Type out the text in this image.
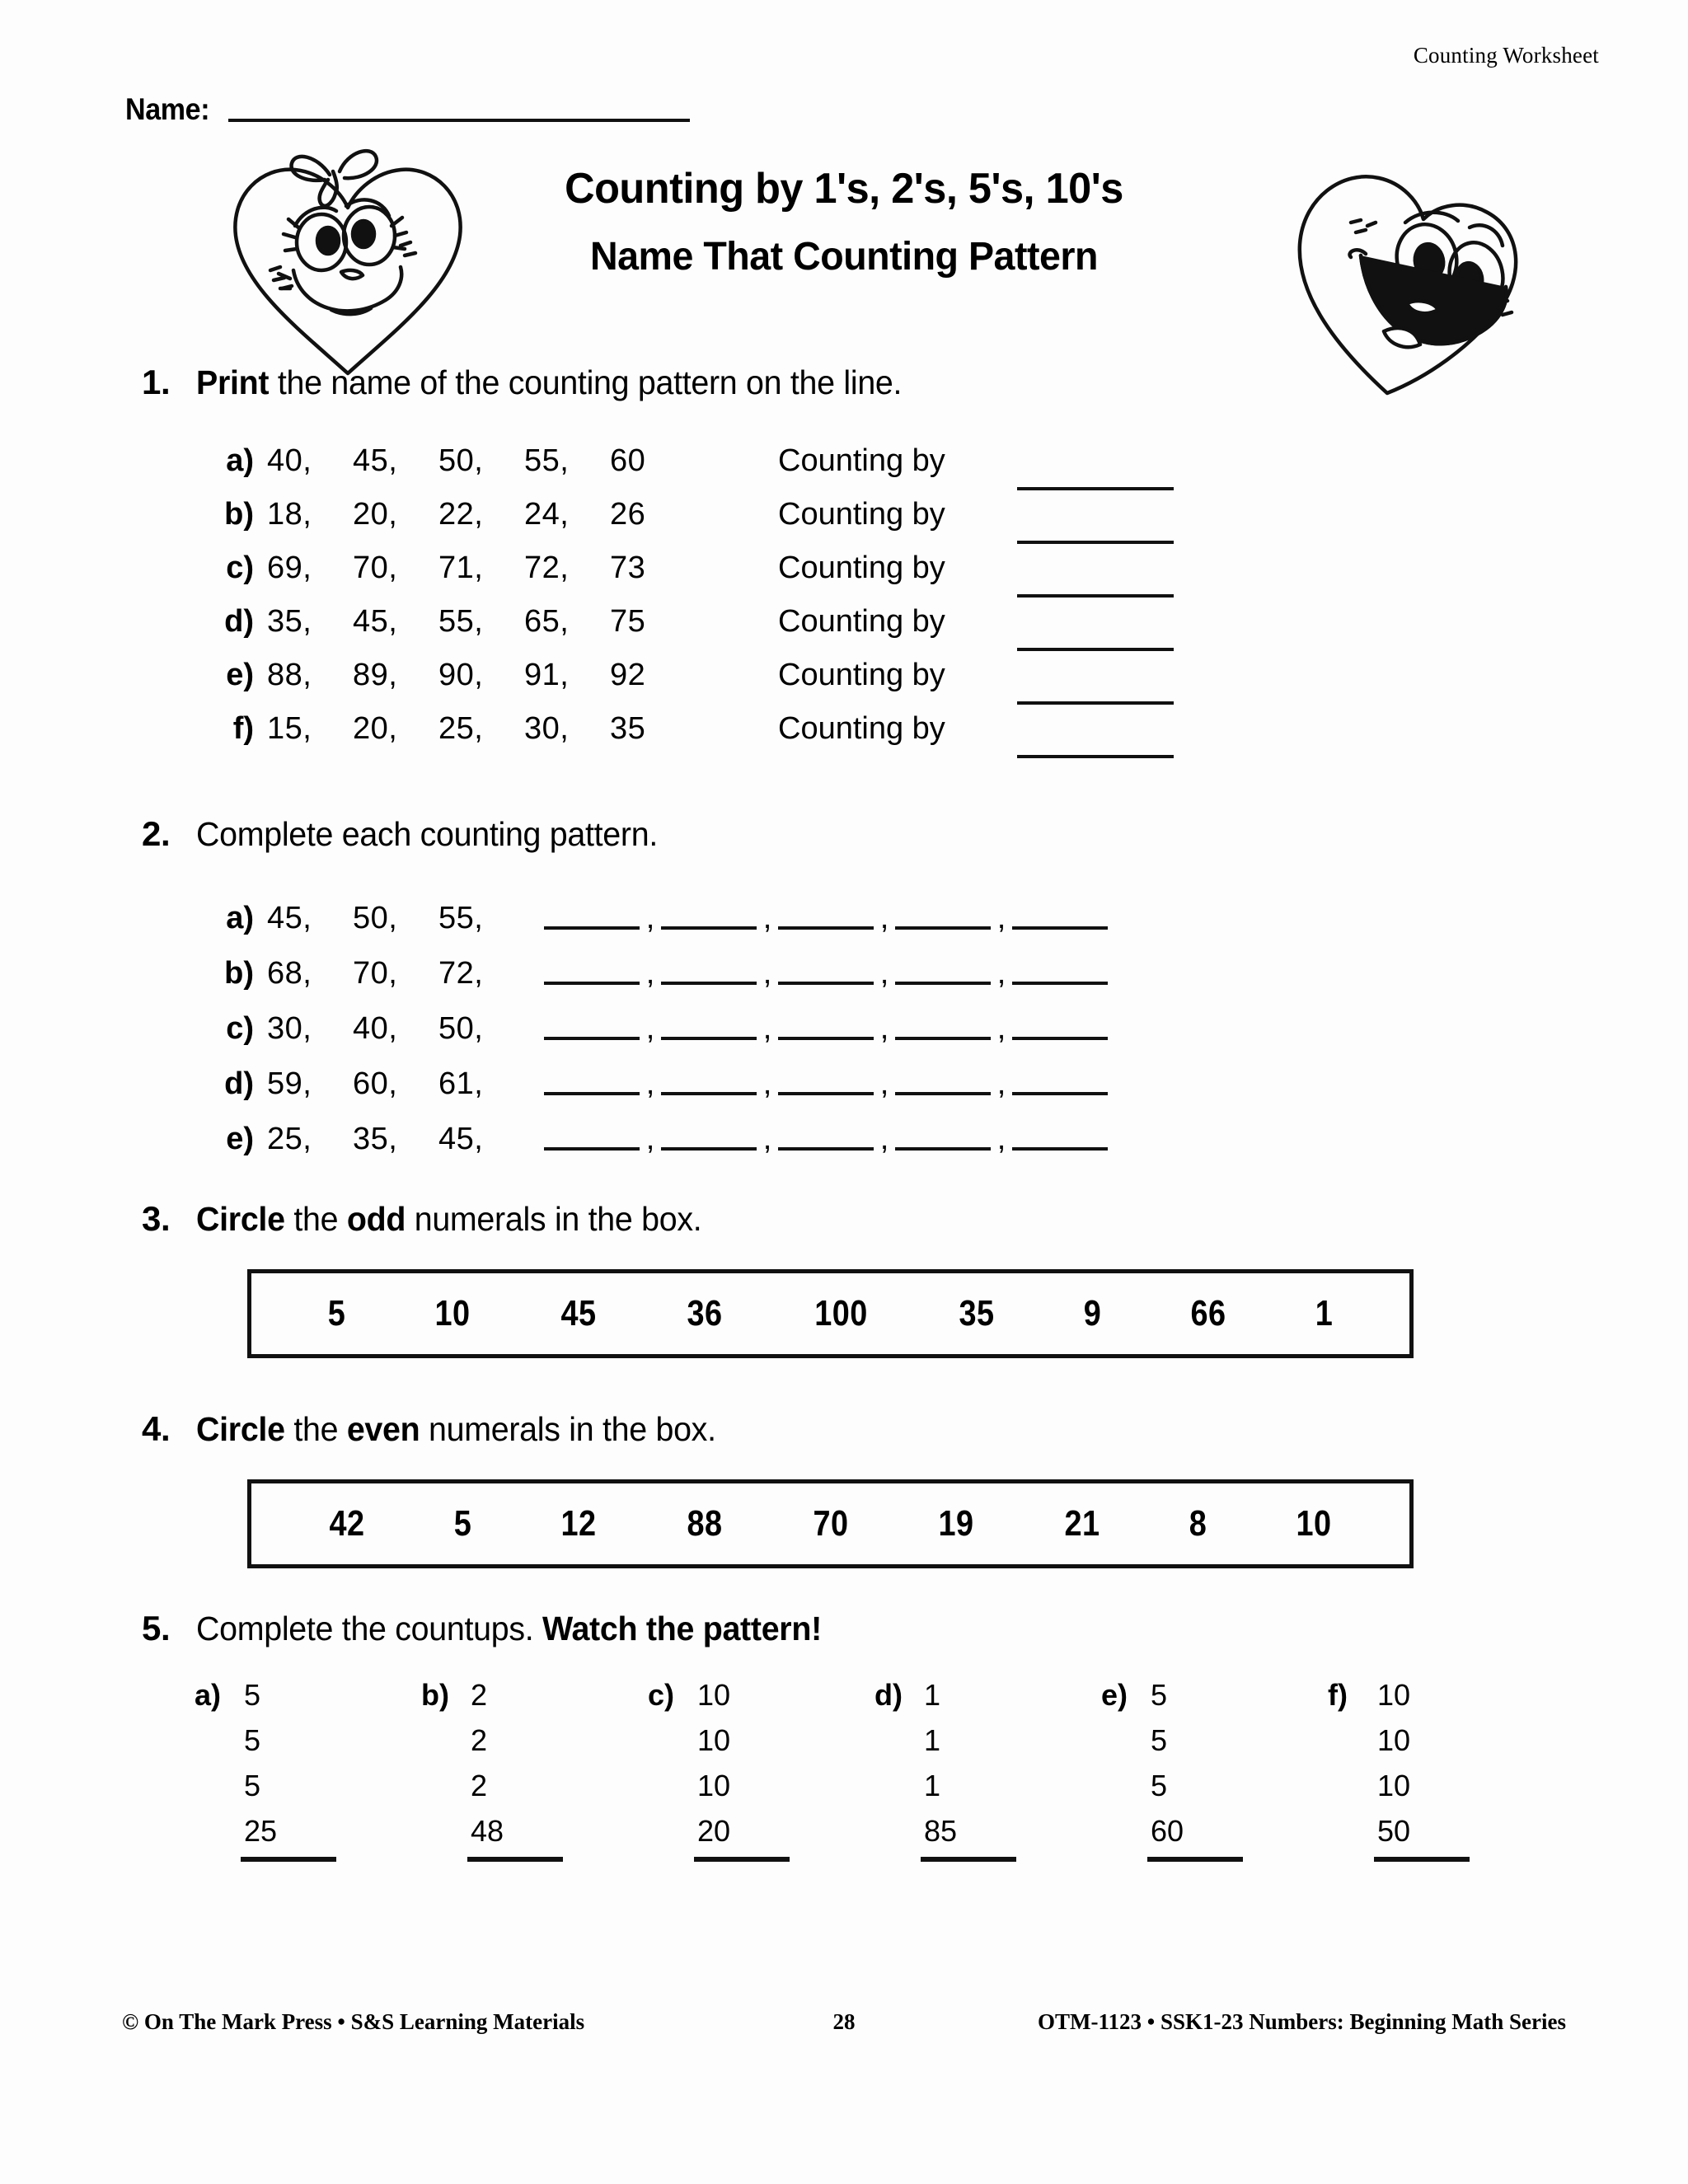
Counting Worksheet
Name:
Counting by 1's, 2's, 5's, 10's
Name That Counting Pattern
1. Print the name of the counting pattern on the line.
a) 40,	45,	50,	55,	60	Counting by
b) 18,	20,	22,	24,	26	Counting by
c) 69,	70,	71,	72,	73	Counting by
d) 35,	45,	55,	65,	75	Counting by
e) 88,	89,	90,	91,	92	Counting by
f) 15,	20,	25,	30,	35	Counting by
2. Complete each counting pattern.
a) 45,	50,	55,	,	,	,	,
b) 68,	70,	72,	,	,	,	,
c) 30,	40,	50,	,	,	,	,
d) 59,	60,	61,	,	,	,	,
e) 25,	35,	45,	,	,	,	,
3. Circle the odd numerals in the box.
5 10 45 36	100	35 9 66 1
4. Circle the even numerals in the box.
42 5 12 88 70 19 21 8 10
5. Complete the countups. Watch the pattern!
a) 5
5
5
25
b) 2
2
2
48
c) 10
10
10
20
d) 1
1
1
85
e) 5
5
5
60
f)	10
10
10
50
© On The Mark Press • S&S Learning Materials	28	OTM-1123 • SSK1-23 Numbers: Beginning Math Series
